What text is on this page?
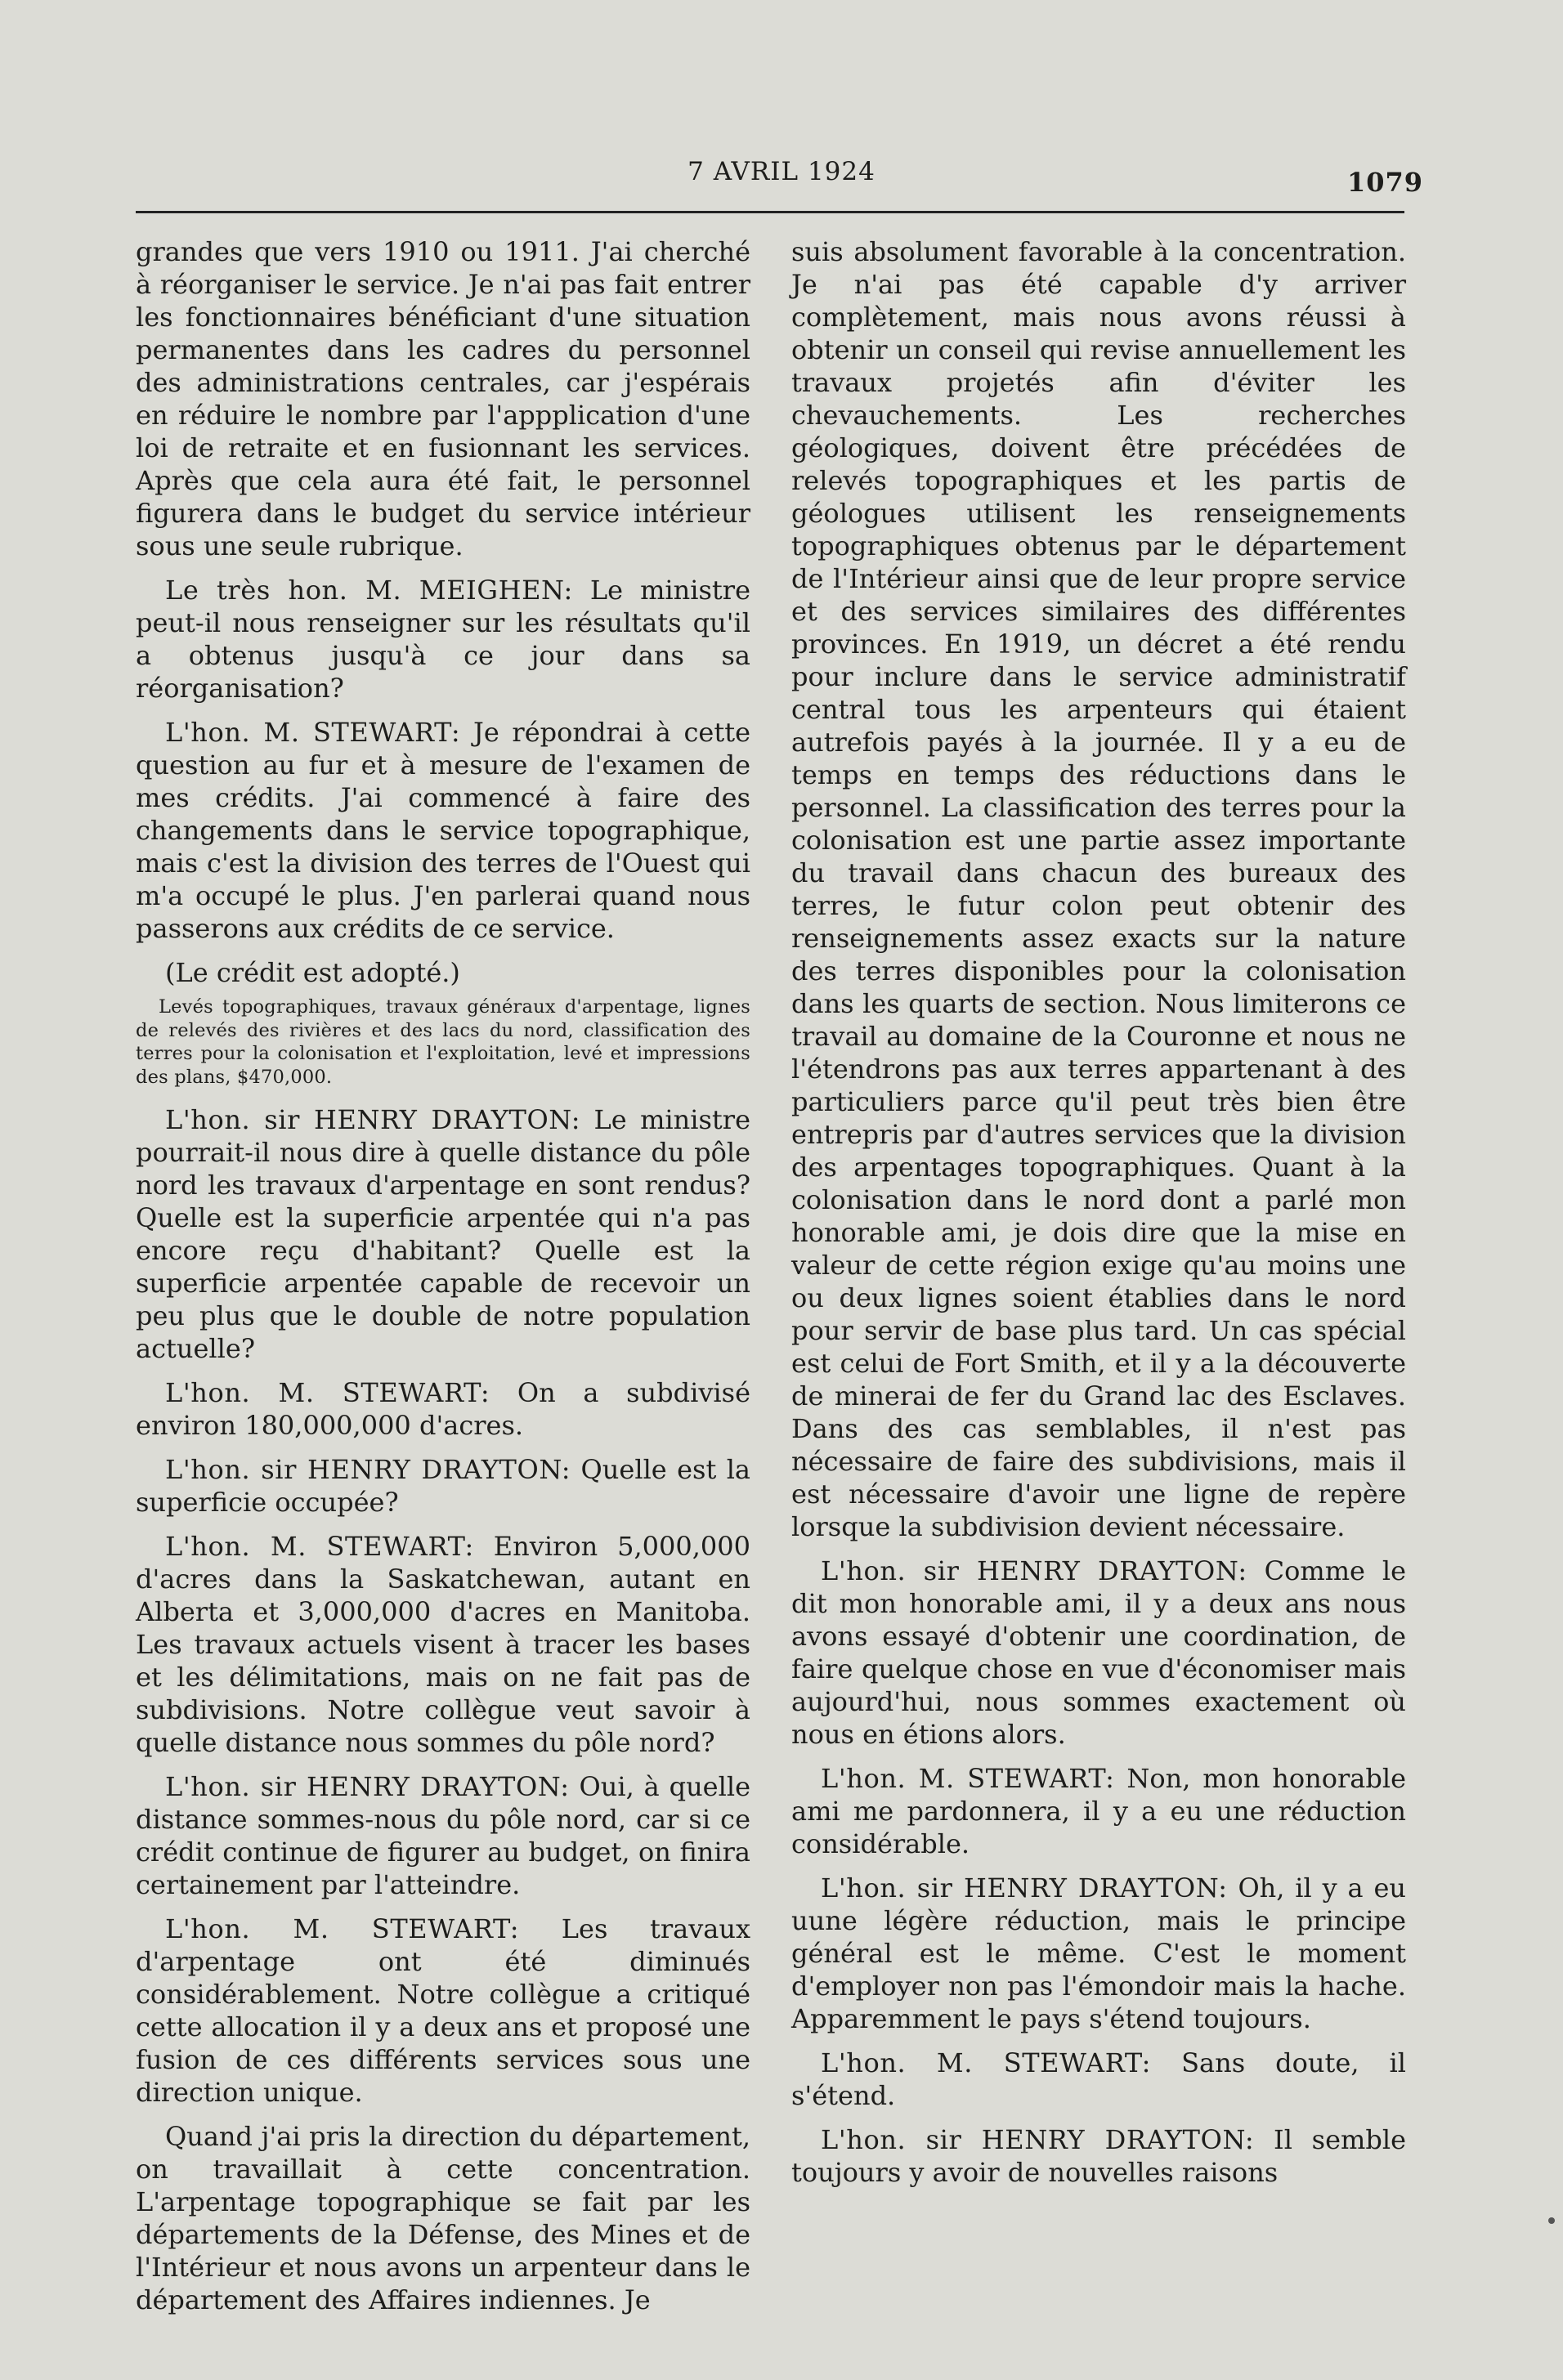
7 AVRIL 1924	1079

grandes que vers 1910 ou 1911. J'ai cherché à réorganiser le service. Je n'ai pas fait entrer les fonctionnaires bénéficiant d'une situation permanentes dans les cadres du personnel des administrations centrales, car j'espérais en réduire le nombre par l'appplication d'une loi de retraite et en fusionnant les services. Après que cela aura été fait, le personnel figurera dans le budget du service intérieur sous une seule rubrique.

Le très hon. M. MEIGHEN: Le ministre peut-il nous renseigner sur les résultats qu'il a obtenus jusqu'à ce jour dans sa réorganisation?

L'hon. M. STEWART: Je répondrai à cette question au fur et à mesure de l'examen de mes crédits. J'ai commencé à faire des changements dans le service topographique, mais c'est la division des terres de l'Ouest qui m'a occupé le plus. J'en parlerai quand nous passerons aux crédits de ce service.

(Le crédit est adopté.)

Levés topographiques, travaux généraux d'arpentage, lignes de relevés des rivières et des lacs du nord, classification des terres pour la colonisation et l'exploitation, levé et impressions des plans, $470,000.

L'hon. sir HENRY DRAYTON: Le ministre pourrait-il nous dire à quelle distance du pôle nord les travaux d'arpentage en sont rendus? Quelle est la superficie arpentée qui n'a pas encore reçu d'habitant? Quelle est la superficie arpentée capable de recevoir un peu plus que le double de notre population actuelle?

L'hon. M. STEWART: On a subdivisé environ 180,000,000 d'acres.

L'hon. sir HENRY DRAYTON: Quelle est la superficie occupée?

L'hon. M. STEWART: Environ 5,000,000 d'acres dans la Saskatchewan, autant en Alberta et 3,000,000 d'acres en Manitoba. Les travaux actuels visent à tracer les bases et les délimitations, mais on ne fait pas de subdivisions. Notre collègue veut savoir à quelle distance nous sommes du pôle nord?

L'hon. sir HENRY DRAYTON: Oui, à quelle distance sommes-nous du pôle nord, car si ce crédit continue de figurer au budget, on finira certainement par l'atteindre.

L'hon. M. STEWART: Les travaux d'arpentage ont été diminués considérablement. Notre collègue a critiqué cette allocation il y a deux ans et proposé une fusion de ces différents services sous une direction unique.

Quand j'ai pris la direction du département, on travaillait à cette concentration. L'arpentage topographique se fait par les départements de la Défense, des Mines et de l'Intérieur et nous avons un arpenteur dans le département des Affaires indiennes. Je

suis absolument favorable à la concentration. Je n'ai pas été capable d'y arriver complètement, mais nous avons réussi à obtenir un conseil qui revise annuellement les travaux projetés afin d'éviter les chevauchements. Les recherches géologiques, doivent être précédées de relevés topographiques et les partis de géologues utilisent les renseignements topographiques obtenus par le département de l'Intérieur ainsi que de leur propre service et des services similaires des différentes provinces. En 1919, un décret a été rendu pour inclure dans le service administratif central tous les arpenteurs qui étaient autrefois payés à la journée. Il y a eu de temps en temps des réductions dans le personnel. La classification des terres pour la colonisation est une partie assez importante du travail dans chacun des bureaux des terres, le futur colon peut obtenir des renseignements assez exacts sur la nature des terres disponibles pour la colonisation dans les quarts de section. Nous limiterons ce travail au domaine de la Couronne et nous ne l'étendrons pas aux terres appartenant à des particuliers parce qu'il peut très bien être entrepris par d'autres services que la division des arpentages topographiques. Quant à la colonisation dans le nord dont a parlé mon honorable ami, je dois dire que la mise en valeur de cette région exige qu'au moins une ou deux lignes soient établies dans le nord pour servir de base plus tard. Un cas spécial est celui de Fort Smith, et il y a la découverte de minerai de fer du Grand lac des Esclaves. Dans des cas semblables, il n'est pas nécessaire de faire des subdivisions, mais il est nécessaire d'avoir une ligne de repère lorsque la subdivision devient nécessaire.

L'hon. sir HENRY DRAYTON: Comme le dit mon honorable ami, il y a deux ans nous avons essayé d'obtenir une coordination, de faire quelque chose en vue d'économiser mais aujourd'hui, nous sommes exactement où nous en étions alors.

L'hon. M. STEWART: Non, mon honorable ami me pardonnera, il y a eu une réduction considérable.

L'hon. sir HENRY DRAYTON: Oh, il y a eu uune légère réduction, mais le principe général est le même. C'est le moment d'employer non pas l'émondoir mais la hache. Apparemment le pays s'étend toujours.

L'hon. M. STEWART: Sans doute, il s'étend.

L'hon. sir HENRY DRAYTON: Il semble toujours y avoir de nouvelles raisons
